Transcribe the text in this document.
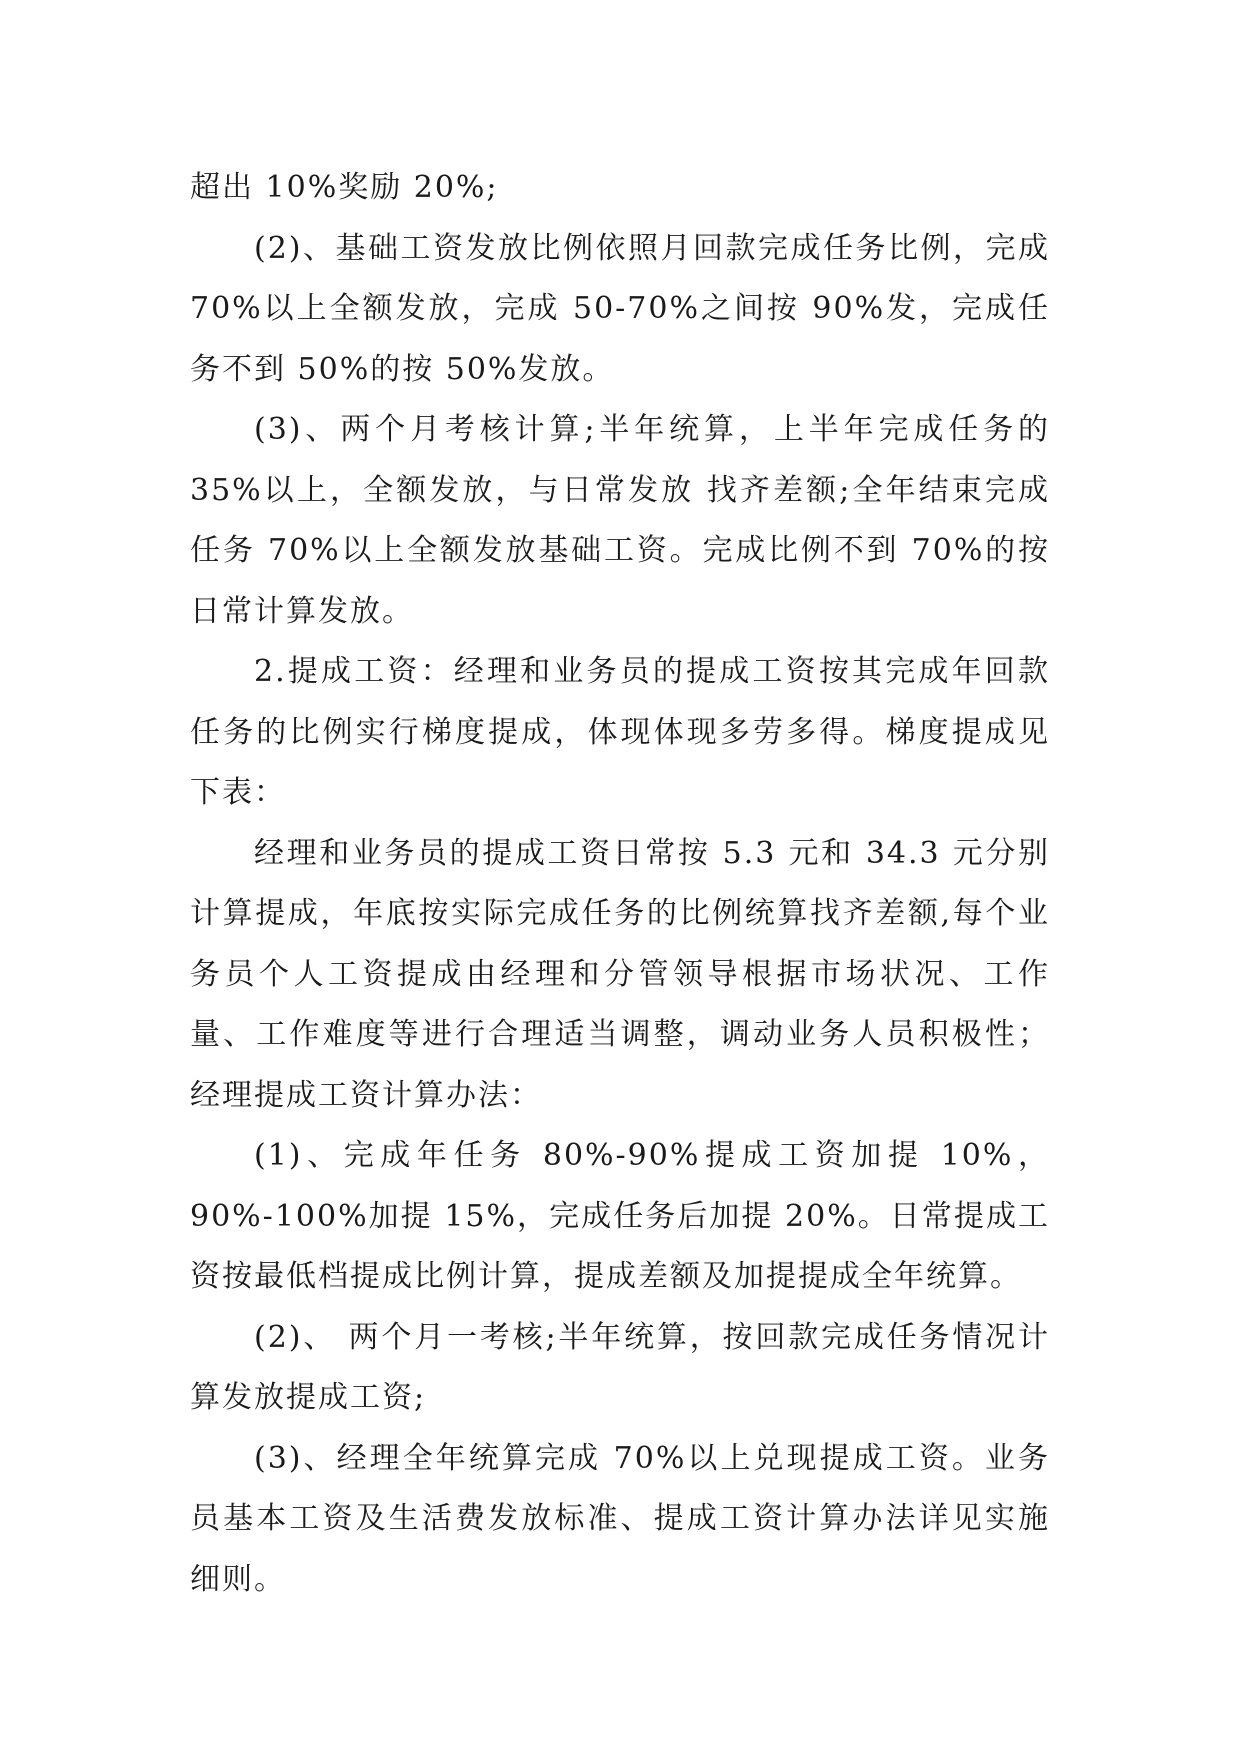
超出 10%奖励 20%;

(2)、基础工资发放比例依照月回款完成任务比例，完成 70%以上全额发放，完成 50-70%之间按 90%发，完成任务不到 50%的按 50%发放。

(3)、两个月考核计算;半年统算，上半年完成任务的 35%以上，全额发放，与日常发放 找齐差额;全年结束完成任务 70%以上全额发放基础工资。完成比例不到 70%的按日常计算发放。

2.提成工资：经理和业务员的提成工资按其完成年回款任务的比例实行梯度提成，体现体现多劳多得。梯度提成见下表：

经理和业务员的提成工资日常按 5.3 元和 34.3 元分别计算提成，年底按实际完成任务的比例统算找齐差额,每个业务员个人工资提成由经理和分管领导根据市场状况、工作量、工作难度等进行合理适当调整，调动业务人员积极性；经理提成工资计算办法：

(1)、完成年任务 80%-90%提成工资加提 10%，90%-100%加提 15%，完成任务后加提 20%。日常提成工资按最低档提成比例计算，提成差额及加提提成全年统算。

(2)、 两个月一考核;半年统算，按回款完成任务情况计算发放提成工资;

(3)、经理全年统算完成 70%以上兑现提成工资。业务员基本工资及生活费发放标准、提成工资计算办法详见实施细则。
